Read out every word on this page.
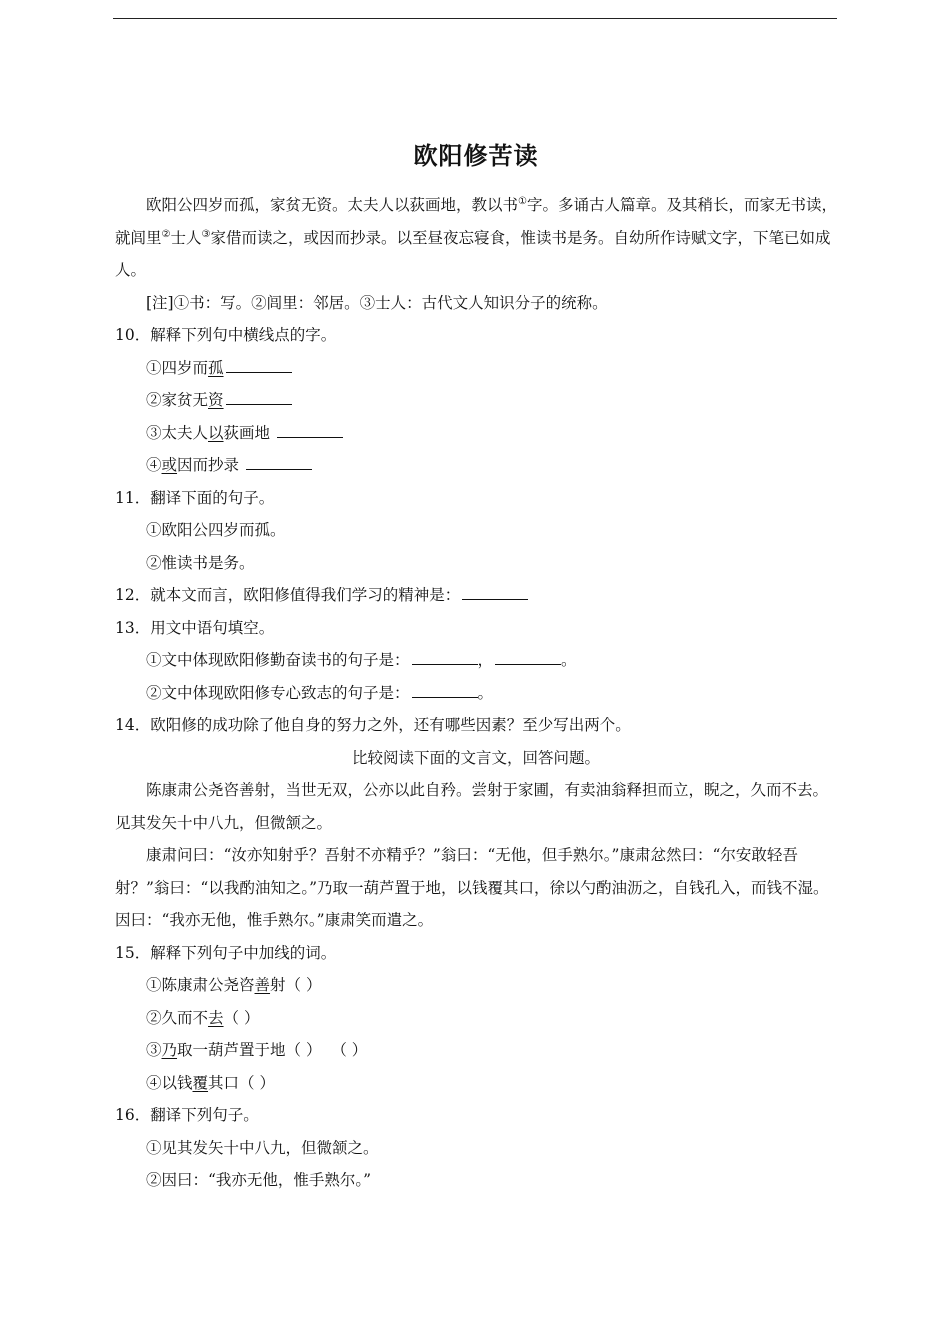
欧阳修苦读

欧阳公四岁而孤，家贫无资。太夫人以荻画地，教以书①字。多诵古人篇章。及其稍长，而家无书读，就闾里②士人③家借而读之，或因而抄录。以至昼夜忘寝食，惟读书是务。自幼所作诗赋文字，下笔已如成人。

[注]①书：写。②闾里：邻居。③士人：古代文人知识分子的统称。

10．解释下列句中横线点的字。

①四岁而孤

②家贫无资

③太夫人以荻画地

④或因而抄录

11．翻译下面的句子。

①欧阳公四岁而孤。

②惟读书是务。

12．就本文而言，欧阳修值得我们学习的精神是：

13．用文中语句填空。

①文中体现欧阳修勤奋读书的句子是：	，	。

②文中体现欧阳修专心致志的句子是：	。

14．欧阳修的成功除了他自身的努力之外，还有哪些因素？至少写出两个。

比较阅读下面的文言文，回答问题。

陈康肃公尧咨善射，当世无双，公亦以此自矜。尝射于家圃，有卖油翁释担而立，睨之，久而不去。见其发矢十中八九，但微颔之。

康肃问曰：“汝亦知射乎？吾射不亦精乎？”翁曰：“无他，但手熟尔。”康肃忿然曰：“尔安敢轻吾射？”翁曰：“以我酌油知之。”乃取一葫芦置于地，以钱覆其口，徐以勺酌油沥之，自钱孔入，而钱不湿。因曰：“我亦无他，惟手熟尔。”康肃笑而遣之。

15．解释下列句子中加线的词。

①陈康肃公尧咨善射（ ）

②久而不去（ ）

③乃取一葫芦置于地（ ）  （ ）

④以钱覆其口（ ）

16．翻译下列句子。

①见其发矢十中八九，但微颔之。

②因曰：“我亦无他，惟手熟尔。”
